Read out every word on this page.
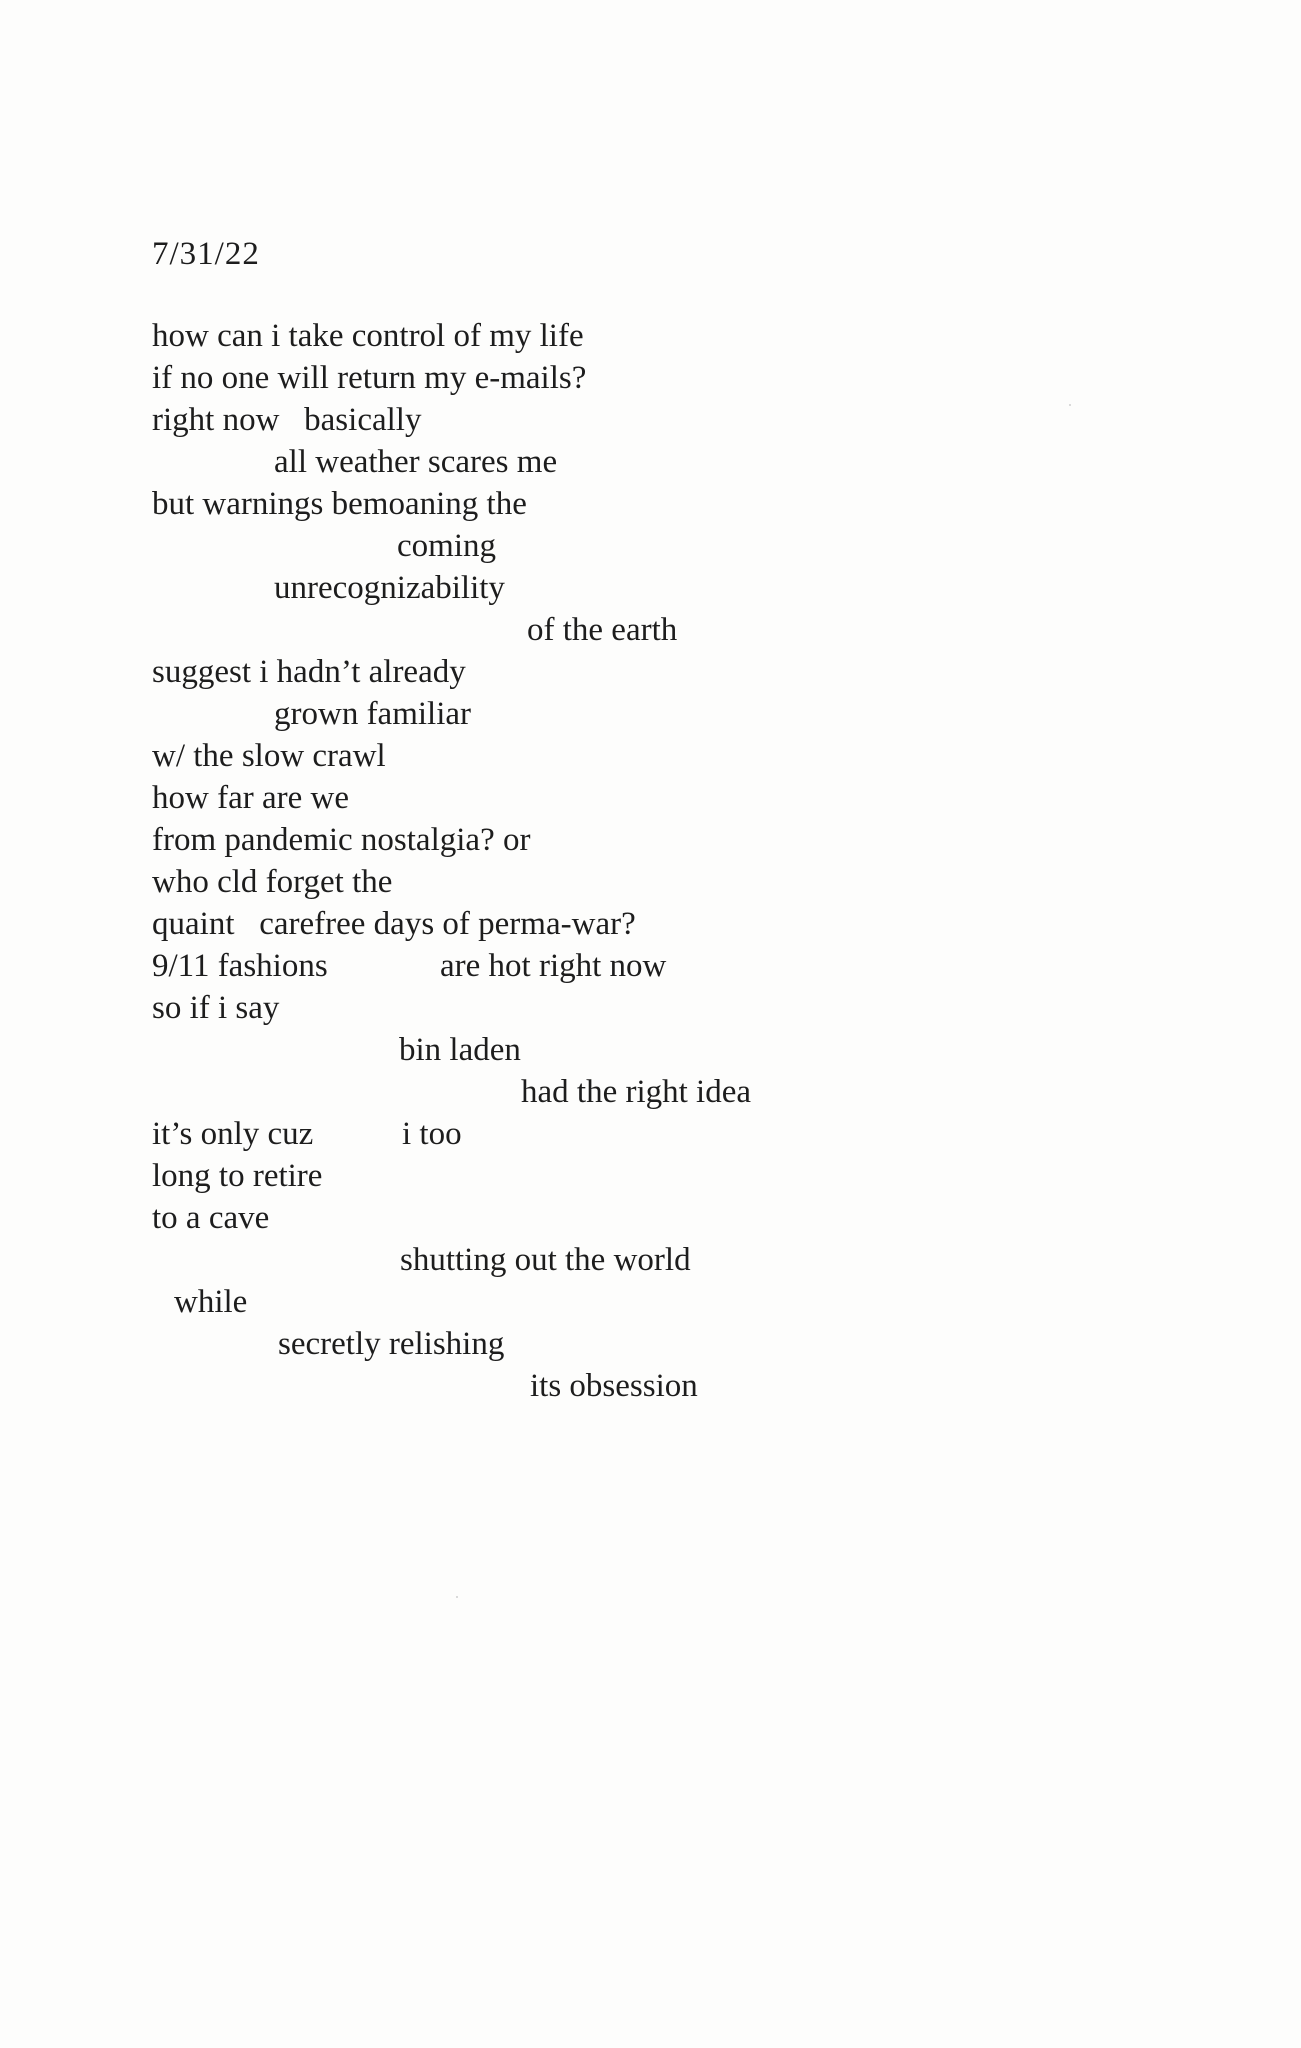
7/31/22
how can i take control of my life
if no one will return my e-mails?
right now   basically
all weather scares me
but warnings bemoaning the
coming
unrecognizability
of the earth
suggest i hadn’t already
grown familiar
w/ the slow crawl
how far are we
from pandemic nostalgia? or
who cld forget the
quaint   carefree days of perma-war?
9/11 fashions	are hot right now
so if i say
bin laden
had the right idea
it’s only cuz	i too
long to retire
to a cave
shutting out the world
while
secretly relishing
its obsession
